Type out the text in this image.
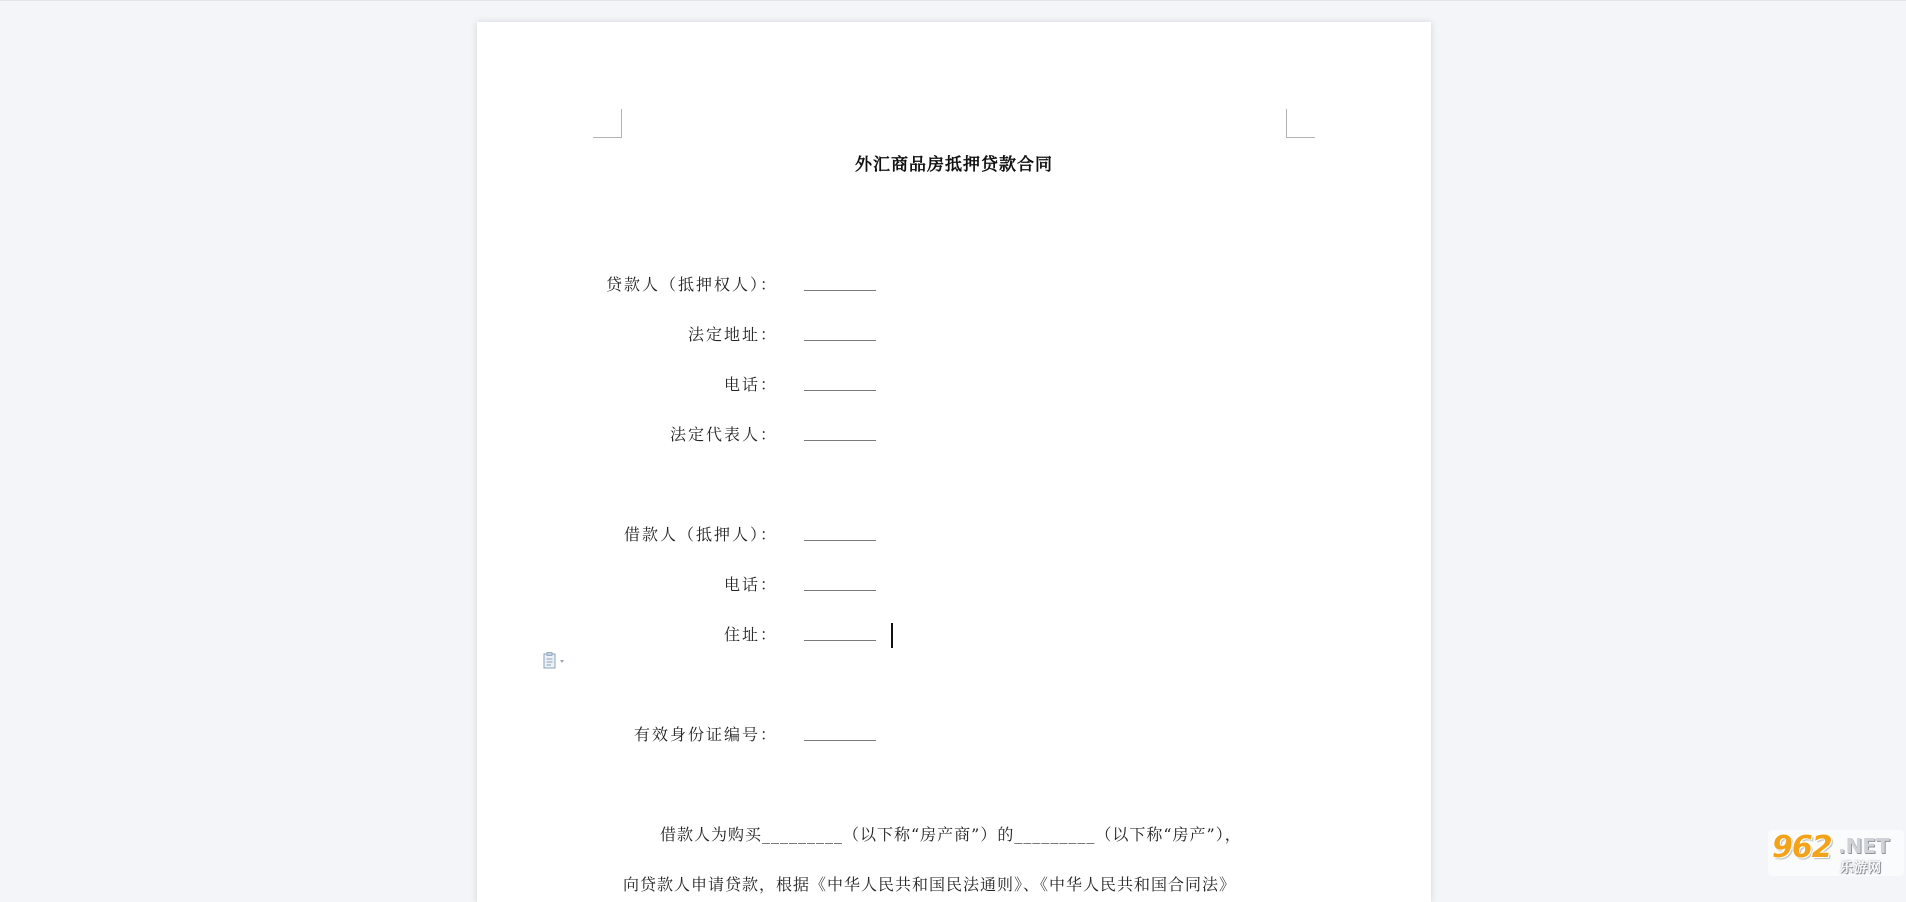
外汇商品房抵押贷款合同
贷款人（抵押权人）： _________
法定地址： _________
电话： _________
法定代表人： _________
借款人（抵押人）： _________
电话： _________
住址： _________
有效身份证编号： _________
借款人为购买_________（以下称“房产商”）的_________（以下称“房产”），
向贷款人申请贷款，根据《中华人民共和国民法通则》、《中华人民共和国合同法》
962 .NET
乐游网
